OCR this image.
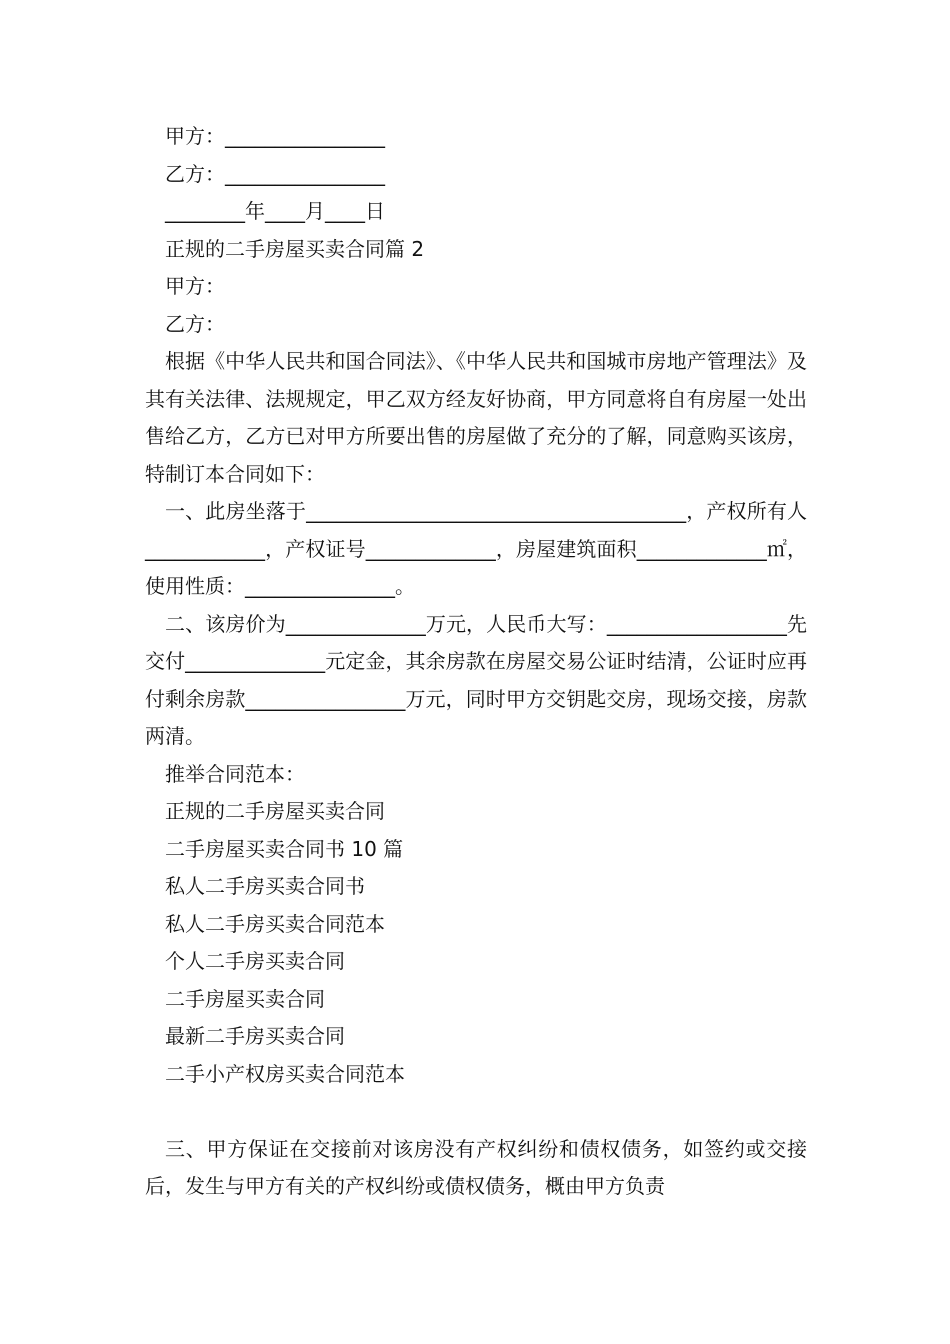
甲方：________________
乙方：________________
________年____月____日
正规的二手房屋买卖合同篇 2
甲方：
乙方：

根据《中华人民共和国合同法》、《中华人民共和国城市房地产管理法》及其有关法律、法规规定，甲乙双方经友好协商，甲方同意将自有房屋一处出售给乙方，乙方已对甲方所要出售的房屋做了充分的了解，同意购买该房，特制订本合同如下：

一、此房坐落于______________________________________，产权所有人____________，产权证号_____________，房屋建筑面积_____________㎡，使用性质：_______________。

二、该房价为______________万元，人民币大写：__________________先交付______________元定金，其余房款在房屋交易公证时结清，公证时应再付剩余房款________________万元，同时甲方交钥匙交房，现场交接，房款两清。

推举合同范本：
正规的二手房屋买卖合同
二手房屋买卖合同书 10 篇
私人二手房买卖合同书
私人二手房买卖合同范本
个人二手房买卖合同
二手房屋买卖合同
最新二手房买卖合同
二手小产权房买卖合同范本

三、甲方保证在交接前对该房没有产权纠纷和债权债务，如签约或交接后，发生与甲方有关的产权纠纷或债权债务，概由甲方负责
